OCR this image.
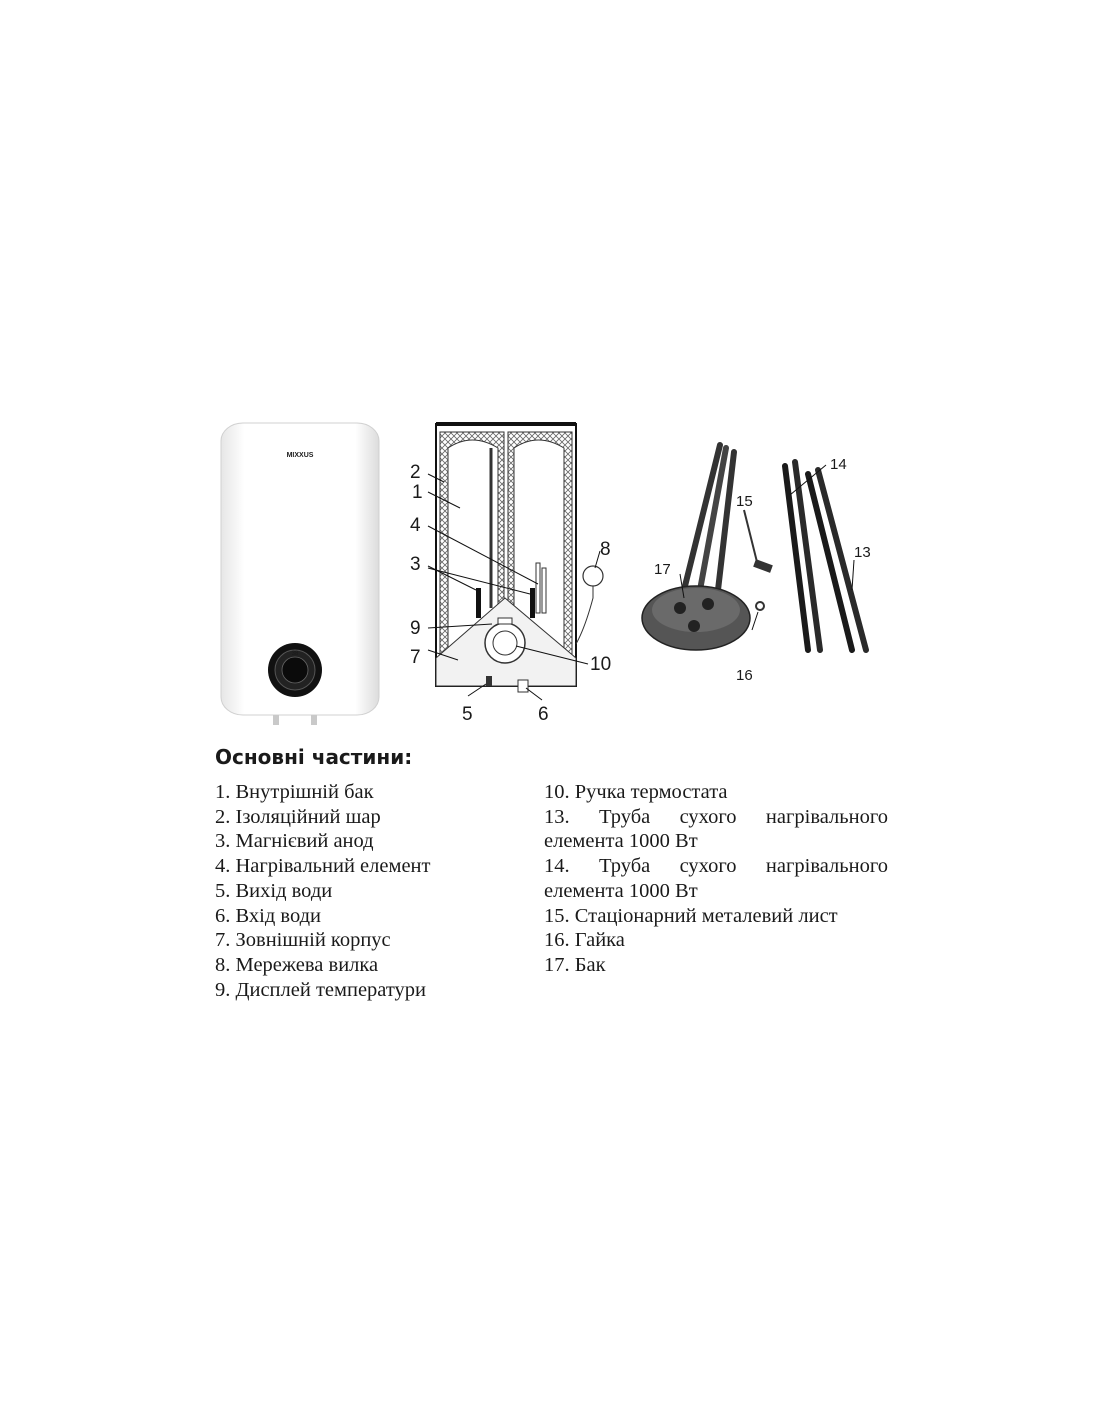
MIXXUS
38
2
1
4
3
9
7	10
8
5	6
14
13
15
17
16
Основні частини:
1. Внутрішній бак
2. Ізоляційний шар
3. Магнієвий анод
4. Нагрівальний елемент
5. Вихід води
6. Вхід води
7. Зовнішній корпус
8. Мережева вилка
9. Дисплей температури
10. Ручка термостата
13. Труба сухого нагрівального елемента 1000 Вт
14. Труба сухого нагрівального елемента 1000 Вт
15. Стаціонарний металевий лист
16. Гайка
17. Бак
